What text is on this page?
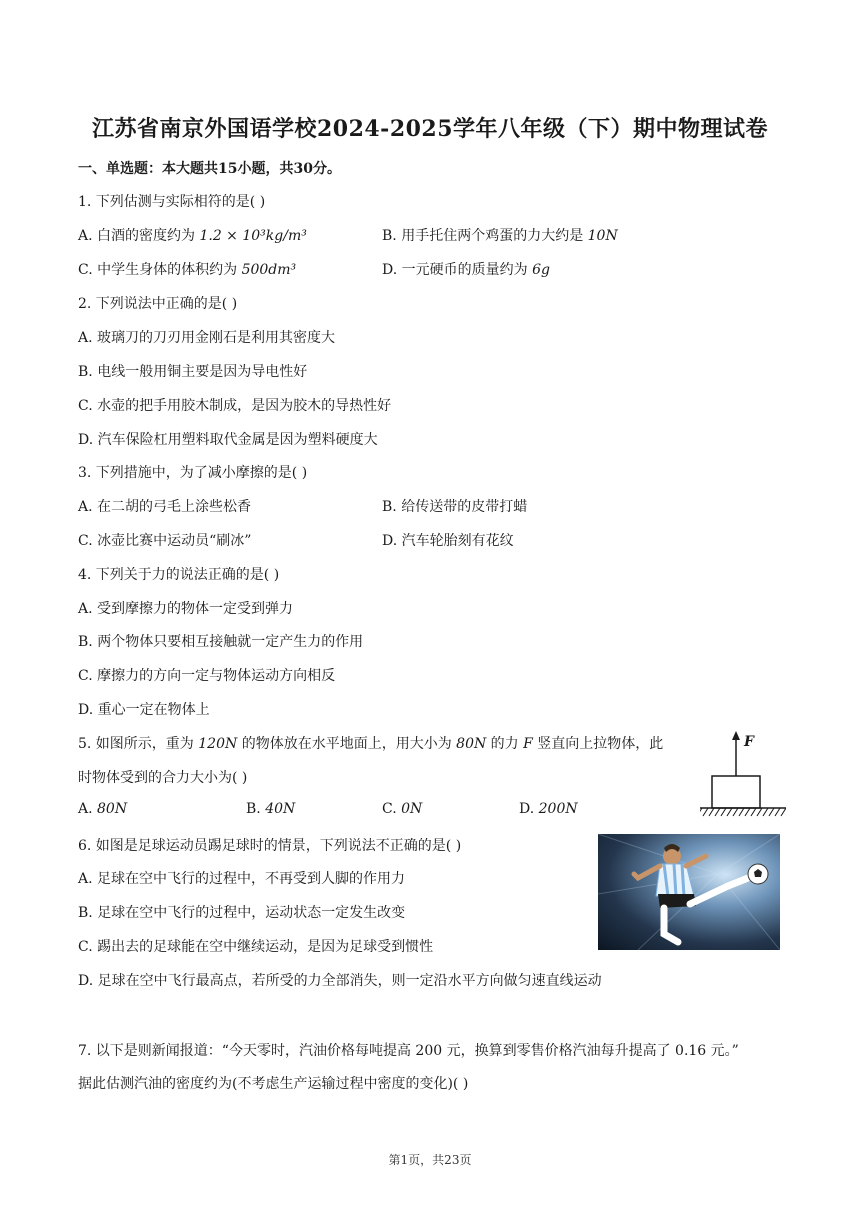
江苏省南京外国语学校2024-2025学年八年级（下）期中物理试卷
一、单选题：本大题共15小题，共30分。
1. 下列估测与实际相符的是( )
A. 白酒的密度约为 1.2 × 10³kg/m³	B. 用手托住两个鸡蛋的力大约是 10N
C. 中学生身体的体积约为 500dm³	D. 一元硬币的质量约为 6g
2. 下列说法中正确的是( )
A. 玻璃刀的刀刃用金刚石是利用其密度大
B. 电线一般用铜主要是因为导电性好
C. 水壶的把手用胶木制成，是因为胶木的导热性好
D. 汽车保险杠用塑料取代金属是因为塑料硬度大
3. 下列措施中，为了减小摩擦的是( )
A. 在二胡的弓毛上涂些松香	B. 给传送带的皮带打蜡
C. 冰壶比赛中运动员“刷冰”	D. 汽车轮胎刻有花纹
4. 下列关于力的说法正确的是( )
A. 受到摩擦力的物体一定受到弹力
B. 两个物体只要相互接触就一定产生力的作用
C. 摩擦力的方向一定与物体运动方向相反
D. 重心一定在物体上
5. 如图所示，重为 120N 的物体放在水平地面上，用大小为 80N 的力 F 竖直向上拉物体，此
时物体受到的合力大小为( )
A. 80N	B. 40N	C. 0N	D. 200N
F
6. 如图是足球运动员踢足球时的情景，下列说法不正确的是( )
A. 足球在空中飞行的过程中，不再受到人脚的作用力
B. 足球在空中飞行的过程中，运动状态一定发生改变
C. 踢出去的足球能在空中继续运动，是因为足球受到惯性
D. 足球在空中飞行最高点，若所受的力全部消失，则一定沿水平方向做匀速直线运动
7. 以下是则新闻报道：“今天零时，汽油价格每吨提高 200 元，换算到零售价格汽油每升提高了 0.16 元。”
据此估测汽油的密度约为(不考虑生产运输过程中密度的变化)( )
第1页，共23页
